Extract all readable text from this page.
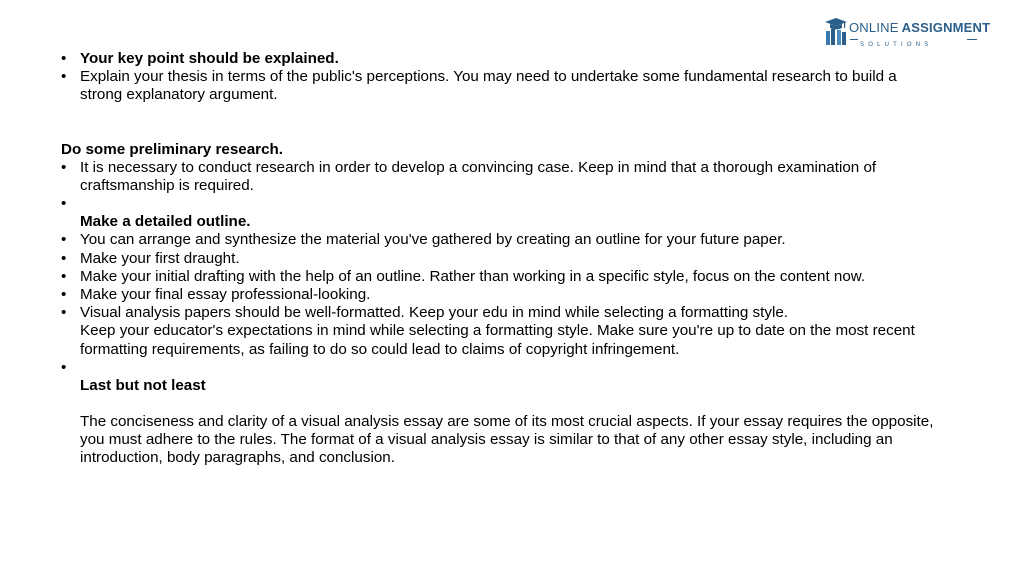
ONLINE ASSIGNMENT
SOLUTIONS
• Your key point should be explained.
• Explain your thesis in terms of the public's perceptions. You may need to undertake some fundamental research to build a strong explanatory argument.
Do some preliminary research.
• It is necessary to conduct research in order to develop a convincing case. Keep in mind that a thorough examination of craftsmanship is required.
•
Make a detailed outline.
• You can arrange and synthesize the material you've gathered by creating an outline for your future paper.
• Make your first draught.
• Make your initial drafting with the help of an outline. Rather than working in a specific style, focus on the content now.
• Make your final essay professional-looking.
• Visual analysis papers should be well-formatted. Keep your edu in mind while selecting a formatting style.
Keep your educator's expectations in mind while selecting a formatting style. Make sure you're up to date on the most recent formatting requirements, as failing to do so could lead to claims of copyright infringement.
•
Last but not least
The conciseness and clarity of a visual analysis essay are some of its most crucial aspects. If your essay requires the opposite, you must adhere to the rules. The format of a visual analysis essay is similar to that of any other essay style, including an introduction, body paragraphs, and conclusion.
